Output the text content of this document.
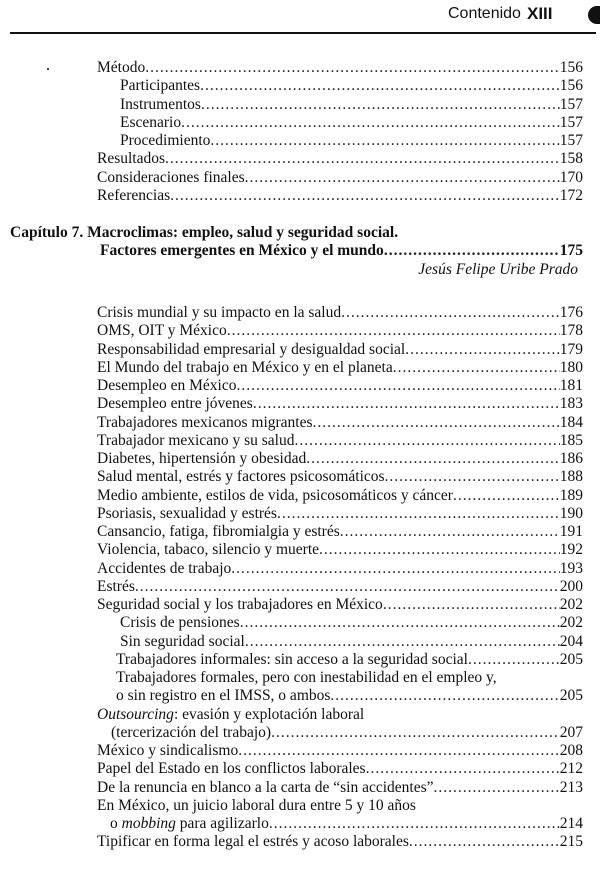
Contenido XIII
Método .....	156
Participantes .....	156
Instrumentos .....	157
Escenario .....	157
Procedimiento .....	157
Resultados .....	158
Consideraciones finales .....	170
Referencias .....	172
Capítulo 7. Macroclimas: empleo, salud y seguridad social.
Factores emergentes en México y el mundo .....	175
Jesús Felipe Uribe Prado
Crisis mundial y su impacto en la salud .....	176
OMS, OIT y México .....	178
Responsabilidad empresarial y desigualdad social .....	179
El Mundo del trabajo en México y en el planeta .....	180
Desempleo en México .....	181
Desempleo entre jóvenes .....	183
Trabajadores mexicanos migrantes .....	184
Trabajador mexicano y su salud .....	185
Diabetes, hipertensión y obesidad .....	186
Salud mental, estrés y factores psicosomáticos .....	188
Medio ambiente, estilos de vida, psicosomáticos y cáncer .....	189
Psoriasis, sexualidad y estrés .....	190
Cansancio, fatiga, fibromialgia y estrés .....	191
Violencia, tabaco, silencio y muerte .....	192
Accidentes de trabajo .....	193
Estrés .....	200
Seguridad social y los trabajadores en México .....	202
Crisis de pensiones .....	202
Sin seguridad social .....	204
Trabajadores informales: sin acceso a la seguridad social .....	205
Trabajadores formales, pero con inestabilidad en el empleo y,
o sin registro en el IMSS, o ambos .....	205
Outsourcing: evasión y explotación laboral
(tercerización del trabajo) .....	207
México y sindicalismo .....	208
Papel del Estado en los conflictos laborales .....	212
De la renuncia en blanco a la carta de “sin accidentes” .....	213
En México, un juicio laboral dura entre 5 y 10 años
o mobbing para agilizarlo .....	214
Tipificar en forma legal el estrés y acoso laborales .....	215
